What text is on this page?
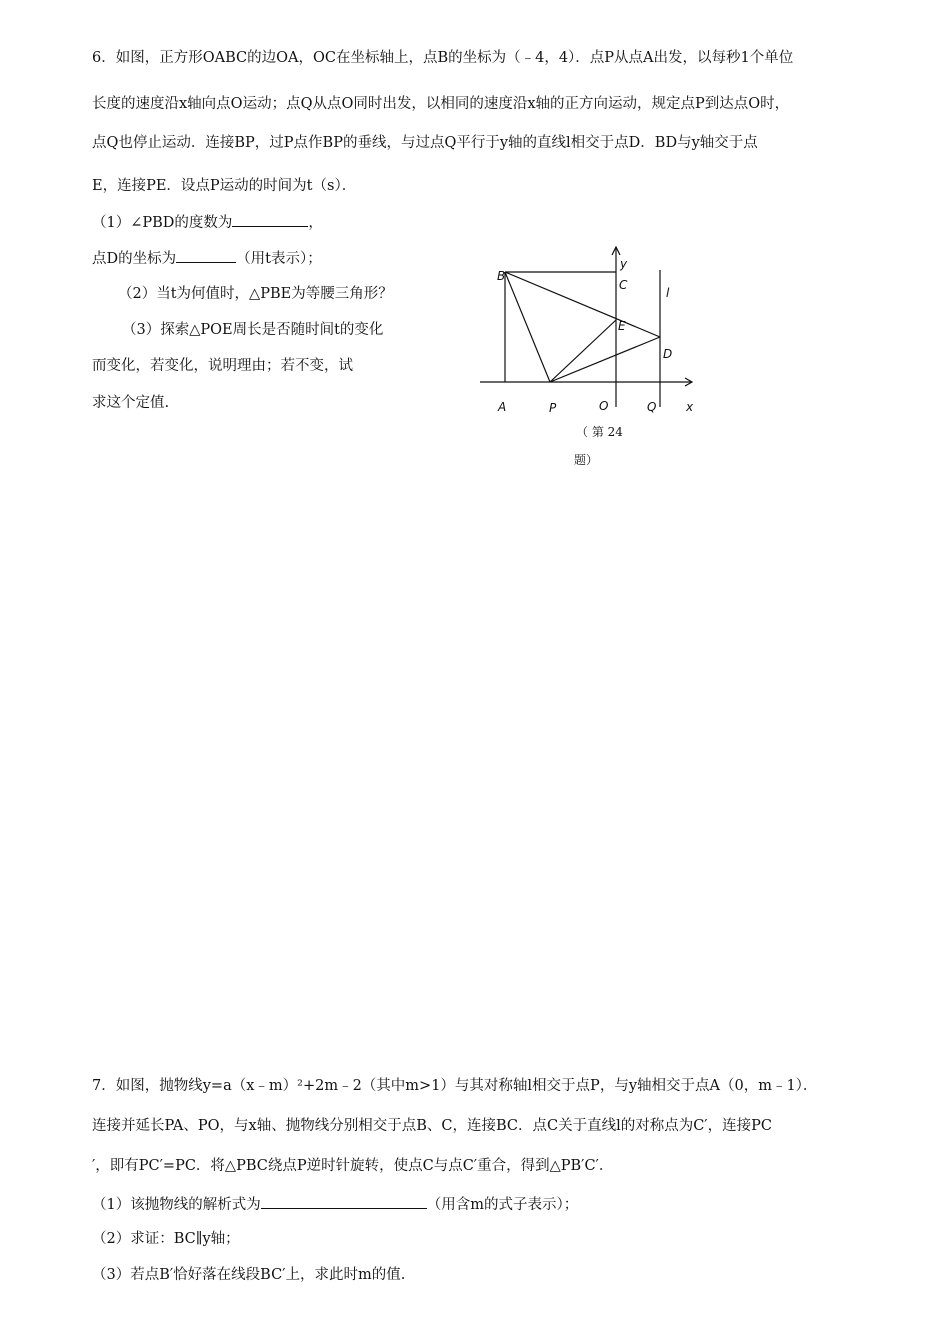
6．如图，正方形OABC的边OA，OC在坐标轴上，点B的坐标为（﹣4，4）．点P从点A出发，以每秒1个单位
长度的速度沿x轴向点O运动；点Q从点O同时出发，以相同的速度沿x轴的正方向运动，规定点P到达点O时，
点Q也停止运动．连接BP，过P点作BP的垂线，与过点Q平行于y轴的直线l相交于点D．BD与y轴交于点
E，连接PE．设点P运动的时间为t（s）．
（1）∠PBD的度数为	，
点D的坐标为	（用t表示）；
（2）当t为何值时，△PBE为等腰三角形？
（3）探索△POE周长是否随时间t的变化
而变化，若变化，说明理由；若不变，试
求这个定值.
B
C
l
y
E
D
A	P	O	Q x
（ 第 24
题）
7．如图，抛物线y=a（x﹣m）²+2m﹣2（其中m>1）与其对称轴l相交于点P，与y轴相交于点A（0，m﹣1）．
连接并延长PA、PO，与x轴、抛物线分别相交于点B、C，连接BC．点C关于直线l的对称点为C′，连接PC
′，即有PC′=PC．将△PBC绕点P逆时针旋转，使点C与点C′重合，得到△PB′C′．
（1）该抛物线的解析式为	（用含m的式子表示）；
（2）求证：BC∥y轴；
（3）若点B′恰好落在线段BC′上，求此时m的值.
